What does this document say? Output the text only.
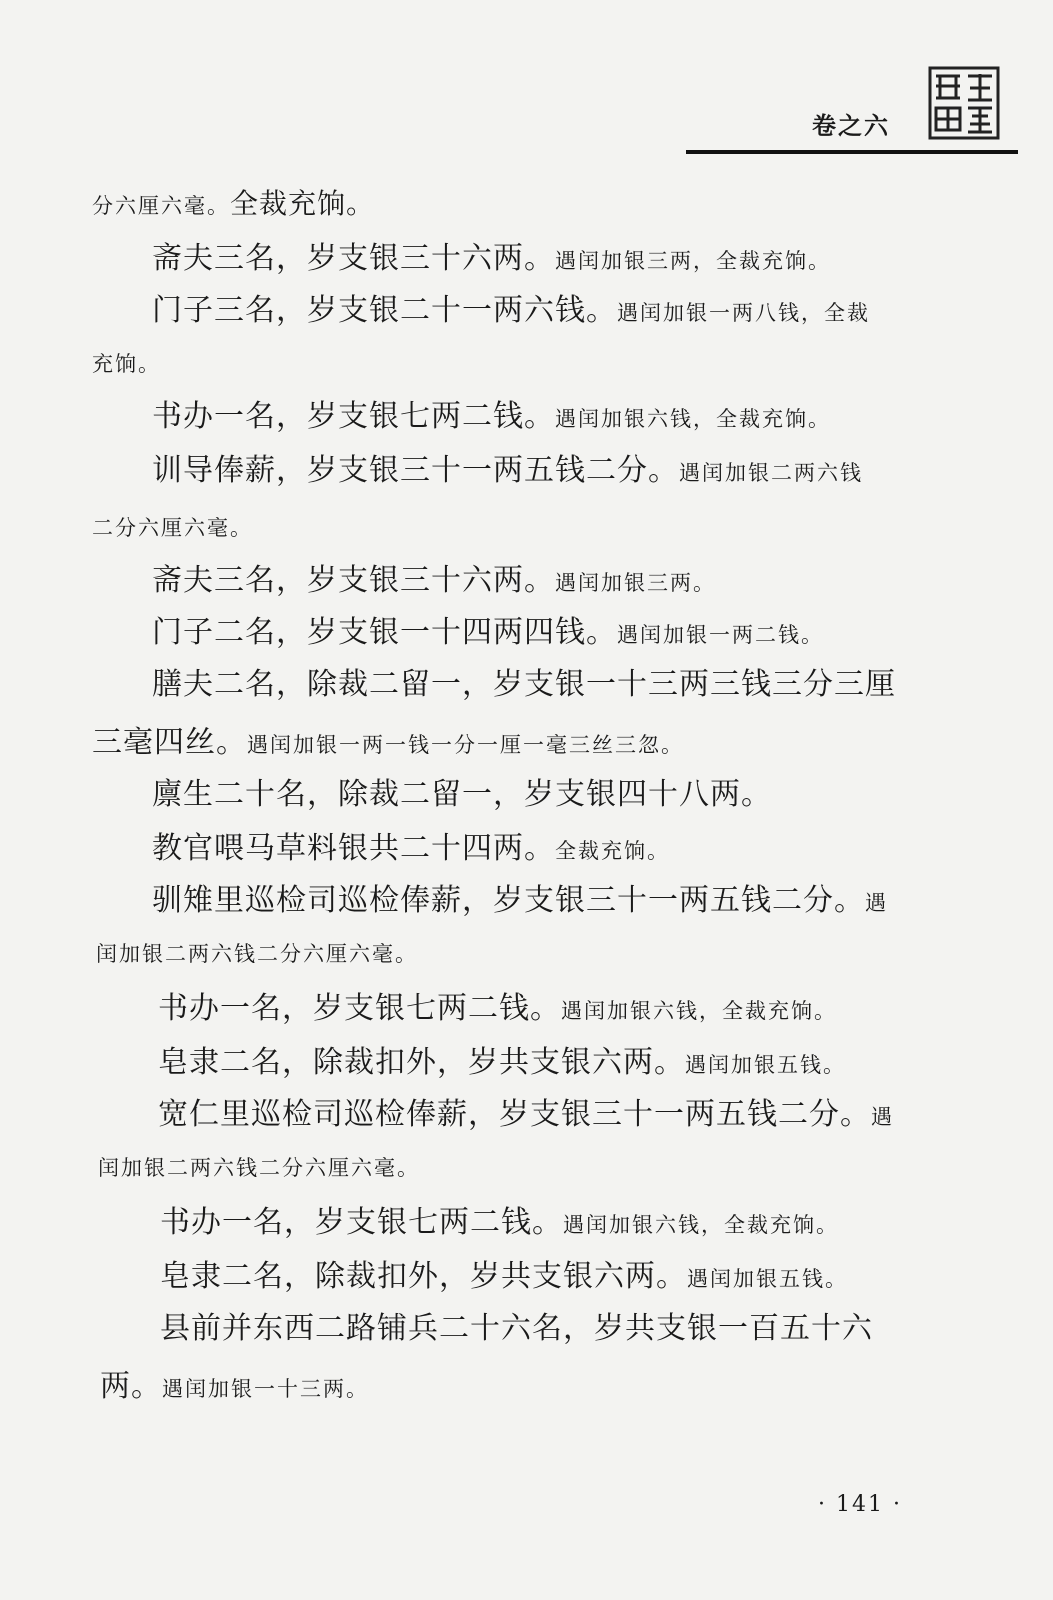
卷之六
分六厘六毫。全裁充饷。
斋夫三名，岁支银三十六两。遇闰加银三两，全裁充饷。
门子三名，岁支银二十一两六钱。遇闰加银一两八钱，全裁
充饷。
书办一名，岁支银七两二钱。遇闰加银六钱，全裁充饷。
训导俸薪，岁支银三十一两五钱二分。遇闰加银二两六钱
二分六厘六毫。
斋夫三名，岁支银三十六两。遇闰加银三两。
门子二名，岁支银一十四两四钱。遇闰加银一两二钱。
膳夫二名，除裁二留一，岁支银一十三两三钱三分三厘
三毫四丝。遇闰加银一两一钱一分一厘一毫三丝三忽。
廪生二十名，除裁二留一，岁支银四十八两。
教官喂马草料银共二十四两。全裁充饷。
驯雉里巡检司巡检俸薪，岁支银三十一两五钱二分。遇
闰加银二两六钱二分六厘六毫。
书办一名，岁支银七两二钱。遇闰加银六钱，全裁充饷。
皂隶二名，除裁扣外，岁共支银六两。遇闰加银五钱。
宽仁里巡检司巡检俸薪，岁支银三十一两五钱二分。遇
闰加银二两六钱二分六厘六毫。
书办一名，岁支银七两二钱。遇闰加银六钱，全裁充饷。
皂隶二名，除裁扣外，岁共支银六两。遇闰加银五钱。
县前并东西二路铺兵二十六名，岁共支银一百五十六
两。遇闰加银一十三两。
· 141 ·
